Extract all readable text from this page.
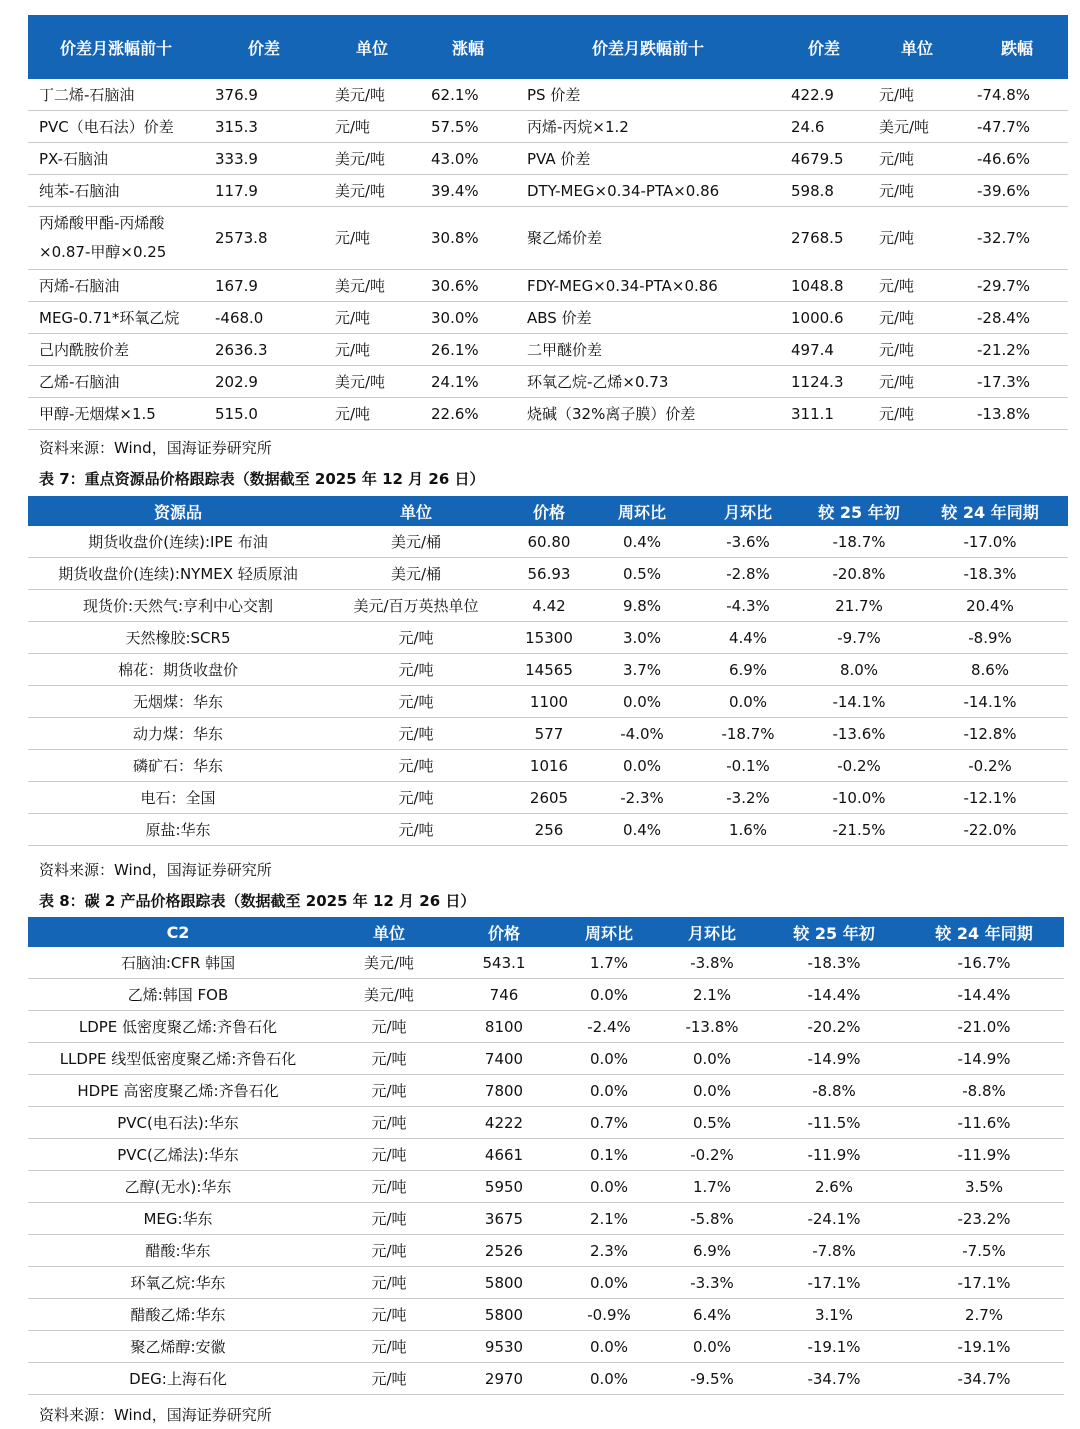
价差月涨幅前十	价差	单位	涨幅	价差月跌幅前十	价差	单位	跌幅
丁二烯-石脑油	376.9	美元/吨	62.1%	PS 价差	422.9	元/吨	-74.8%
PVC（电石法）价差	315.3	元/吨	57.5%	丙烯-丙烷×1.2	24.6	美元/吨	-47.7%
PX-石脑油	333.9	美元/吨	43.0%	PVA 价差	4679.5	元/吨	-46.6%
纯苯-石脑油	117.9	美元/吨	39.4%	DTY-MEG×0.34-PTA×0.86	598.8	元/吨	-39.6%
丙烯酸甲酯-丙烯酸×0.87-甲醇×0.25	2573.8	元/吨	30.8%	聚乙烯价差	2768.5	元/吨	-32.7%
丙烯-石脑油	167.9	美元/吨	30.6%	FDY-MEG×0.34-PTA×0.86	1048.8	元/吨	-29.7%
MEG-0.71*环氧乙烷	-468.0	元/吨	30.0%	ABS 价差	1000.6	元/吨	-28.4%
己内酰胺价差	2636.3	元/吨	26.1%	二甲醚价差	497.4	元/吨	-21.2%
乙烯-石脑油	202.9	美元/吨	24.1%	环氧乙烷-乙烯×0.73	1124.3	元/吨	-17.3%
甲醇-无烟煤×1.5	515.0	元/吨	22.6%	烧碱（32%离子膜）价差	311.1	元/吨	-13.8%
资料来源：Wind，国海证券研究所
表 7：重点资源品价格跟踪表（数据截至 2025 年 12 月 26 日）
资源品	单位	价格	周环比	月环比	较 25 年初	较 24 年同期
期货收盘价(连续):IPE 布油	美元/桶	60.80	0.4%	-3.6%	-18.7%	-17.0%
期货收盘价(连续):NYMEX 轻质原油	美元/桶	56.93	0.5%	-2.8%	-20.8%	-18.3%
现货价:天然气:亨利中心交割	美元/百万英热单位	4.42	9.8%	-4.3%	21.7%	20.4%
天然橡胶:SCR5	元/吨	15300	3.0%	4.4%	-9.7%	-8.9%
棉花：期货收盘价	元/吨	14565	3.7%	6.9%	8.0%	8.6%
无烟煤：华东	元/吨	1100	0.0%	0.0%	-14.1%	-14.1%
动力煤：华东	元/吨	577	-4.0%	-18.7%	-13.6%	-12.8%
磷矿石：华东	元/吨	1016	0.0%	-0.1%	-0.2%	-0.2%
电石：全国	元/吨	2605	-2.3%	-3.2%	-10.0%	-12.1%
原盐:华东	元/吨	256	0.4%	1.6%	-21.5%	-22.0%
资料来源：Wind，国海证券研究所
表 8：碳 2 产品价格跟踪表（数据截至 2025 年 12 月 26 日）
C2	单位	价格	周环比	月环比	较 25 年初	较 24 年同期
石脑油:CFR 韩国	美元/吨	543.1	1.7%	-3.8%	-18.3%	-16.7%
乙烯:韩国 FOB	美元/吨	746	0.0%	2.1%	-14.4%	-14.4%
LDPE 低密度聚乙烯:齐鲁石化	元/吨	8100	-2.4%	-13.8%	-20.2%	-21.0%
LLDPE 线型低密度聚乙烯:齐鲁石化	元/吨	7400	0.0%	0.0%	-14.9%	-14.9%
HDPE 高密度聚乙烯:齐鲁石化	元/吨	7800	0.0%	0.0%	-8.8%	-8.8%
PVC(电石法):华东	元/吨	4222	0.7%	0.5%	-11.5%	-11.6%
PVC(乙烯法):华东	元/吨	4661	0.1%	-0.2%	-11.9%	-11.9%
乙醇(无水):华东	元/吨	5950	0.0%	1.7%	2.6%	3.5%
MEG:华东	元/吨	3675	2.1%	-5.8%	-24.1%	-23.2%
醋酸:华东	元/吨	2526	2.3%	6.9%	-7.8%	-7.5%
环氧乙烷:华东	元/吨	5800	0.0%	-3.3%	-17.1%	-17.1%
醋酸乙烯:华东	元/吨	5800	-0.9%	6.4%	3.1%	2.7%
聚乙烯醇:安徽	元/吨	9530	0.0%	0.0%	-19.1%	-19.1%
DEG:上海石化	元/吨	2970	0.0%	-9.5%	-34.7%	-34.7%
资料来源：Wind，国海证券研究所
